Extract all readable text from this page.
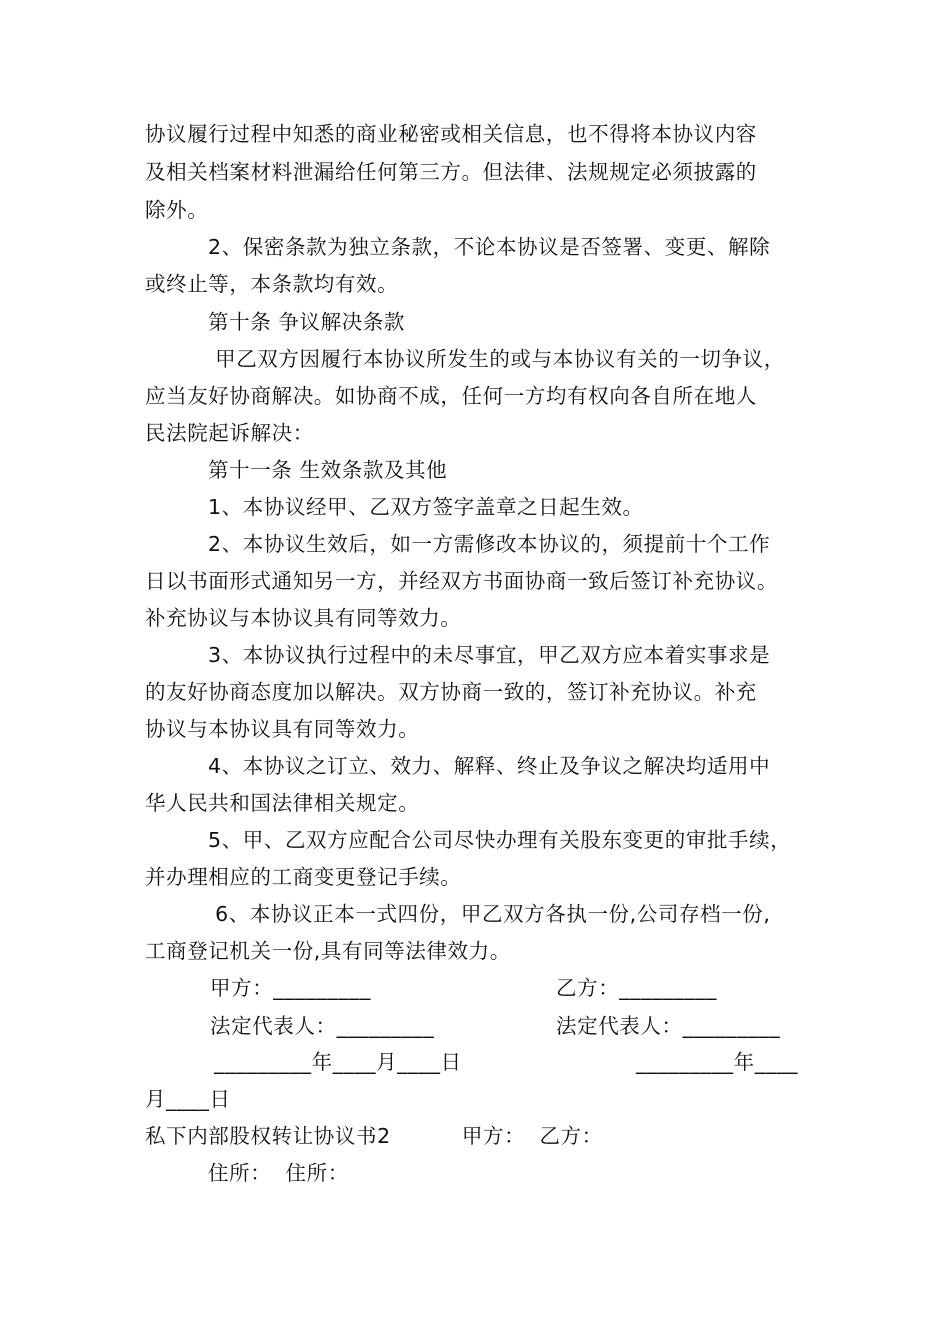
协议履行过程中知悉的商业秘密或相关信息，也不得将本协议内容
及相关档案材料泄漏给任何第三方。但法律、法规规定必须披露的
除外。
2、保密条款为独立条款，不论本协议是否签署、变更、解除
或终止等，本条款均有效。
第十条 争议解决条款
甲乙双方因履行本协议所发生的或与本协议有关的一切争议，
应当友好协商解决。如协商不成，任何一方均有权向各自所在地人
民法院起诉解决：
第十一条 生效条款及其他
1、本协议经甲、乙双方签字盖章之日起生效。
2、本协议生效后，如一方需修改本协议的，须提前十个工作
日以书面形式通知另一方，并经双方书面协商一致后签订补充协议。
补充协议与本协议具有同等效力。
3、本协议执行过程中的未尽事宜，甲乙双方应本着实事求是
的友好协商态度加以解决。双方协商一致的，签订补充协议。补充
协议与本协议具有同等效力。
4、本协议之订立、效力、解释、终止及争议之解决均适用中
华人民共和国法律相关规定。
5、甲、乙双方应配合公司尽快办理有关股东变更的审批手续，
并办理相应的工商变更登记手续。
6、本协议正本一式四份，甲乙双方各执一份,公司存档一份,
工商登记机关一份,具有同等法律效力。
甲方：_________	乙方：_________
法定代表人：_________	法定代表人：_________
_________年____月____日	_________年____
月____日
私下内部股权转让协议书2          甲方：  乙方：
住所：  住所：
